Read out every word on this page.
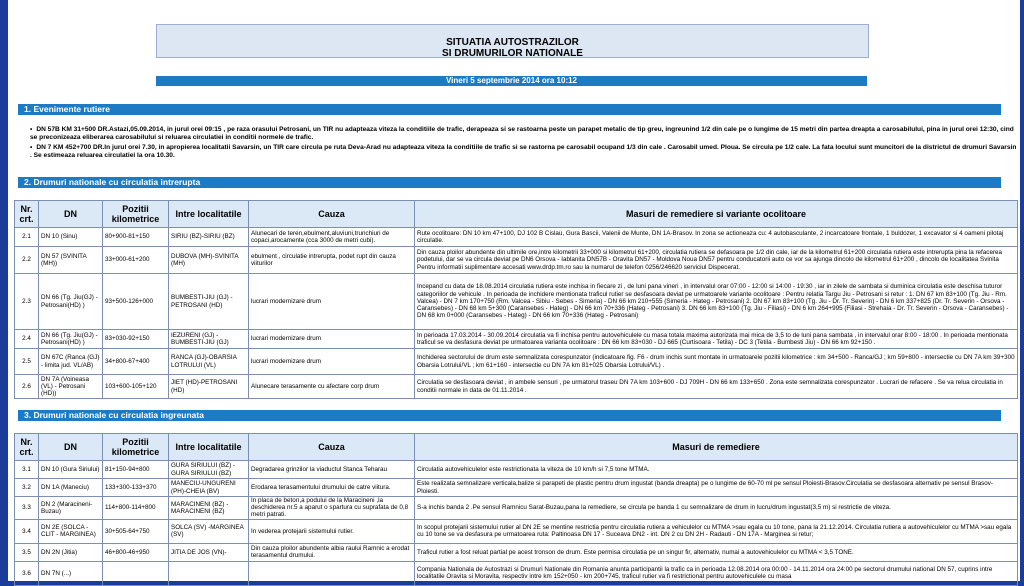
SITUATIA AUTOSTRAZILOR
SI DRUMURILOR NATIONALE
Vineri 5 septembrie 2014 ora 10:12
1. Evenimente rutiere
• DN 57B KM 31+500 DR.Astazi,05.09.2014, in jurul orei 09:15 , pe raza orasului Petrosani, un TIR nu adapteaza viteza la conditiile de trafic, derapeaza si se rastoarna peste un parapet metalic de tip greu, ingreunind 1/2 din cale pe o lungime de 15 metri din partea dreapta a carosabilului, pina in jurul orei 12:30, cind se preconizeaza eliberarea carosabilului si reluarea circulatiei in conditii normele de trafic.
• DN 7 KM 452+700 DR.In jurul orei 7.30, in apropierea localitatii Savarsin, un TIR care circula pe ruta Deva-Arad nu adapteaza viteza la conditiile de trafic si se rastorna pe carosabil ocupand 1/3 din cale . Carosabil umed. Ploua. Se circula pe 1/2 cale. La fata locului sunt muncitori de la districtul de drumuri Savarsin . Se estimeaza reluarea circulatiei la ora 10.30.
2. Drumuri nationale cu circulatia intrerupta
Nr. crt.	DN	Pozitii kilometrice	Intre localitatile	Cauza	Masuri de remediere si variante ocolitoare
2.1	DN 10 (Sinu)	80+900-81+150	SIRIU (BZ)-SIRIU (BZ)	Alunecari de teren,ebulment,aluviuni,trunchiuri de copaci,arocamente (cca 3000 de metri cubi).	Rute ocolitoare: DN 10 km 47+100, DJ 102 B Cislau, Gura Bascii, Valenii de Munte, DN 1A-Brasov. In zona se actioneaza cu: 4 autobasculante, 2 incarcatoare frontale, 1 buldozer, 1 excavator si 4 oameni pilotaj circulatie.
2.2	DN 57 (SVINITA (MH))	33+000-61+200	DUBOVA (MH)-SVINITA (MH)	ebulment , circulatie intrerupta, podet rupt din cauza viiturilor	Din cauza ploilor abundente din ultimile ore,intre kilometrii 33+000 si kilometrul 61+200, circulatia rutiera se defasoara pe 1/2 din cale, iar de la kilometrul 61+200 circulatia rutiera este intrerupta pina la refacerea podetului, dar se va circula deviat pe DN6 Orsova - Iablanita DN57B - Oravita DN57 - Moldova Noua DN57 pentru conducatorii auto ce vor sa ajunga dincolo de kilometrul 61+200 , dincolo de localitatea Svinita Pentru informatii suplimentare accesati www.drdp.tm.ro sau la numarul de telefon 0256/246620 serviciul Dispecerat.
2.3	DN 66 (Tg. Jiu(GJ) - Petrosani(HD) )	93+500-126+000	BUMBESTI-JIU (GJ) -PETROSANI (HD)	lucrari modernizare drum	Incepand cu data de 18.08.2014 circulatia rutiera este inchisa in fiecare zi , de luni pana vineri , in intervalul orar 07:00 - 12:00 si 14:00 - 19:30 , iar in zilele de sambata si duminica circulatia este deschisa tuturor categoriilor de vehicule . In perioada de inchidere mentionata traficul rutier se desfasoara deviat pe urmatoarele variante ocolitoare : Pentru relatia Targu Jiu - Petrosani si retur : 1. DN 67 km 83+100 (Tg. Jiu - Rm. Valcea) - DN 7 km 170+750 (Rm. Valcea - Sibiu - Sebes - Simeria) - DN 66 km 210+555 (Simeria - Hateg - Petrosani) 2. DN 67 km 83+100 (Tg. Jiu - Dr. Tr. Severin) - DN 6 km 337+825 (Dr. Tr. Severin - Orsova - Caransebes) - DN 68 km 5+300 (Caransebes - Hateg) - DN 66 km 70+336 (Hateg - Petrosani) 3. DN 66 km 83+100 (Tg. Jiu - Filiasi) - DN 6 km 264+995 (Filiasi - Strehaia - Dr. Tr. Severin - Orsova - Caransebes) - DN 68 km 0+000 (Caransebes - Hateg) - DN 66 km 70+336 (Hateg - Petrosani)
2.4	DN 66 (Tg. Jiu(GJ) - Petrosani(HD) )	83+030-92+150	IEZURENI (GJ) -BUMBESTI-JIU (GJ)	lucrari modernizare drum	In perioada 17.03.2014 - 30.09.2014 circulatia va fi inchisa pentru autovehiculele cu masa totala maxima autorizata mai mica de 3,5 to de luni pana sambata , in intervalul orar 8:00 - 18:00 . In perioada mentionata traficul se va desfasura deviat pe urmatoarea varianta ocolitoare : DN 66 km 83+030 - DJ 665 (Curtisoara - Tetila) - DC 3 (Tetila - Bumbesti Jiu) - DN 66 km 92+150 .
2.5	DN 67C (Ranca (GJ) - limita jud. VL/AB)	34+800-67+400	RANCA (GJ)-OBARSIA LOTRULUI (VL)	lucrari modernizare drum	Inchiderea sectorului de drum este semnalizata corespunzator (indicatoare fig. F6 - drum inchis sunt montate in urmatoarele pozitii kilometrice : km 34+500 - Ranca/GJ ; km 59+800 - intersectie cu DN 7A km 39+300 Obarsia Lotrului/VL ; km 61+160 - intersectie cu DN 7A km 81+025 Obarsia Lotrului/VL) .
2.6	DN 7A (Voineasa (VL) - Petrosani (HD))	103+600-105+120	JIET (HD)-PETROSANI (HD)	Alunecare terasamente cu afectare corp drum	Circulatia se desfasoara deviat , in ambele sensuri , pe urmatorul traseu DN 7A km 103+600 - DJ 709H - DN 66 km 133+650 . Zona este semnalizata corespunzator . Lucrari de refacere . Se va relua circulatia in conditii normale in data de 01.11.2014 .
3. Drumuri nationale cu circulatia ingreunata
Nr. crt.	DN	Pozitii kilometrice	Intre localitatile	Cauza	Masuri de remediere
3.1	DN 10 (Gura Siriului)	81+150-94+800	GURA SIRIULUI (BZ) -GURA SIRIULUI (BZ)	Degradarea grinzilor la viaductul Stanca Teharau	Circulatia autovehiculelor este restrictionata la viteza de 10 km/h si 7,5 tone MTMA.
3.2	DN 1A (Maneciu)	133+300-133+370	MANECIU-UNGURENI (PH)-CHEIA (BV)	Erodarea terasamentului drumului de catre viitura.	Este realizata semnalizare verticala,balize si parapeti de plastic pentru drum ingustat (banda dreapta) pe o lungime de 60-70 ml pe sensul Ploiesti-Brasov.Circulatia se desfasoara alternativ pe sensul Brasov-Ploiesti.
3.3	DN 2 (Maracineni-Buzau)	114+800-114+800	MARACINENI (BZ) -MARACINENI (BZ)	In placa de beton,a podului de la Maracineni ,la deschiderea nr.5 a aparut o spartura cu suprafata de 0,8 metri patrati.	S-a inchis banda 2 .Pe sensul Ramnicu Sarat-Buzau,pana la remediere, se circula pe banda 1 cu semnalizare de drum in lucru/drum ingustat(3,5 m) si restrictie de viteza.
3.4	DN 2E (SOLCA - CLIT - MARGINEA)	30+505-64+750	SOLCA (SV) -MARGINEA (SV)	In vederea protejarii sistemului rutier.	In scopul protejarii sistemului rutier al DN 2E se mentine restrictia pentru circulatia rutiera a vehiculelor cu MTMA >sau egala cu 10 tone, pana la 21.12.2014. Circulatia rutiera a autovehiculelor cu MTMA >sau egala cu 10 tone se va desfasura pe urmatoarea ruta: Paltinoasa DN 17 - Suceava DN2 - int. DN 2 cu DN 2H - Radauti - DN 17A - Marginea si retur;
3.5	DN 2N (Jitia)	46+800-46+950	JITIA DE JOS (VN)-	Din cauza ploilor abundente albia raului Ramnic a erodat terasamentul drumului.	Traficul rutier a fost reluat partial pe acest tronson de drum. Este permisa circulatia pe un singur fir, alternativ, numai a autovehiculelor cu MTMA < 3,5 TONE.
3.6	DN 7N (...)				Compania Nationala de Autostrazi si Drumuri Nationale din Romania anunta participantii la trafic ca in perioada 12.08.2014 ora 00:00 - 14.11.2014 ora 24:00 pe sectorul drumului national DN 57, cuprins intre localitatile Oravita si Moravita, respectiv intre km 152+050 - km 200+745, traficul rutier va fi restrictionat pentru autovehiculele cu masa
